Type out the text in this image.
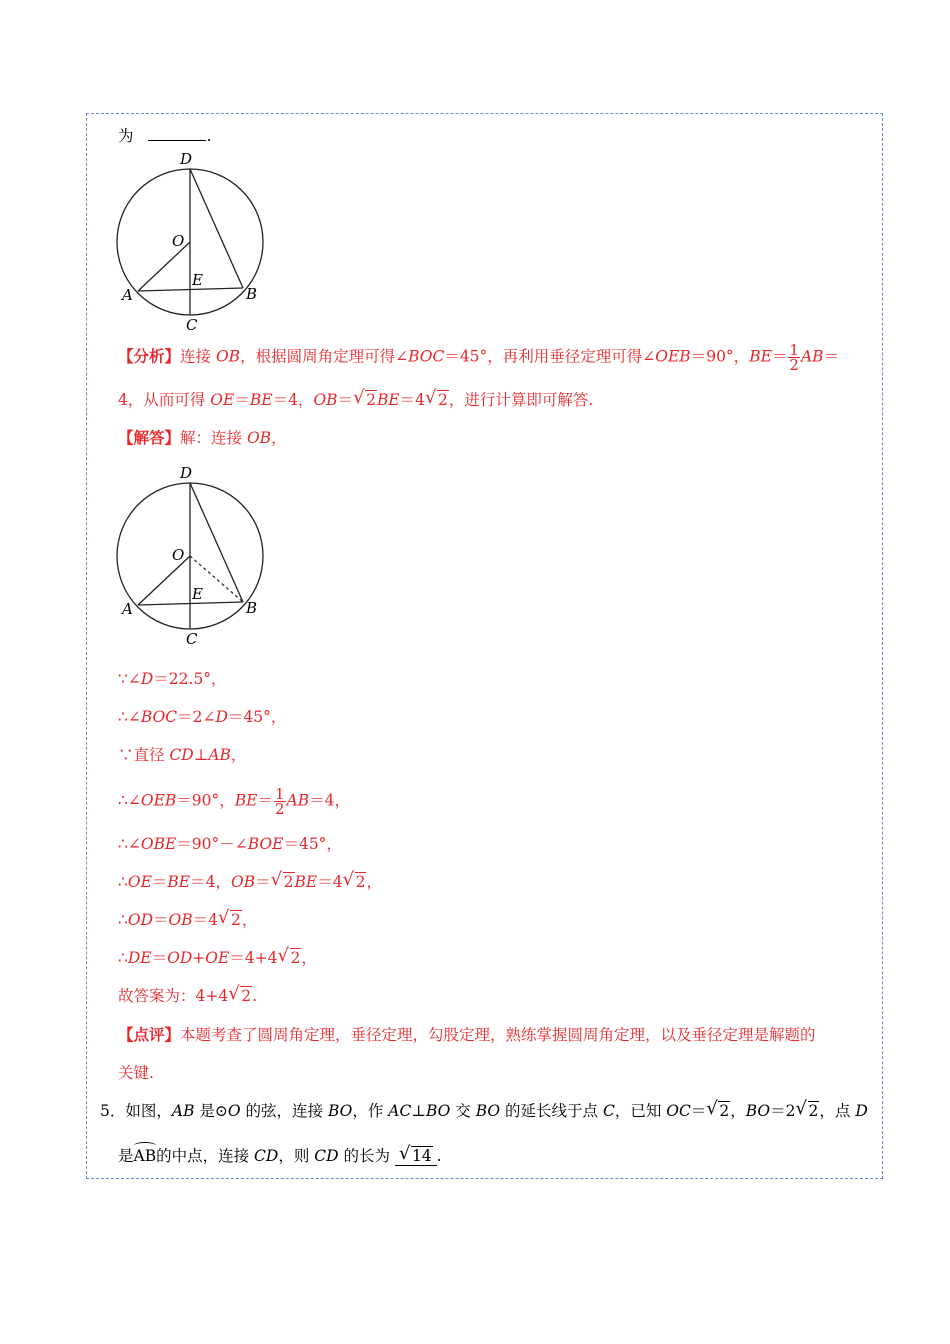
为	.
D
O
E
A	B
C
【分析】连接 OB，根据圆周角定理可得∠BOC＝45°，再利用垂径定理可得∠OEB＝90°，$BE= \frac{1}{2} AB=$
4，从而可得 OE＝BE＝4，OB＝ √ 2BE＝4 √ 2，进行计算即可解答.
【解答】解：连接 OB，
D
O
E
A	B
C
∵∠D＝22.5°，
∴∠BOC＝2∠D＝45°，
∵直径 CD⊥AB，
∴∠OEB＝90°，$BE= \frac{1}{2} AB=4$，
∴∠OBE＝90°－∠BOE＝45°，
∴OE＝BE＝4，OB＝ √ 2BE＝4 √ 2，
∴OD＝OB＝4 √ 2，
∴DE＝OD+OE＝4+4 √ 2，
故答案为：4+4 √ 2.
【点评】本题考查了圆周角定理，垂径定理，勾股定理，熟练掌握圆周角定理，以及垂径定理是解题的
关键.
5．如图，AB 是⊙O 的弦，连接 BO，作 AC⊥BO 交 BO 的延长线于点 C，已知 OC＝ √ 2，BO＝2 √ 2，点 D
是AB的中点，连接 CD，则 CD 的长为 √ 14 .
